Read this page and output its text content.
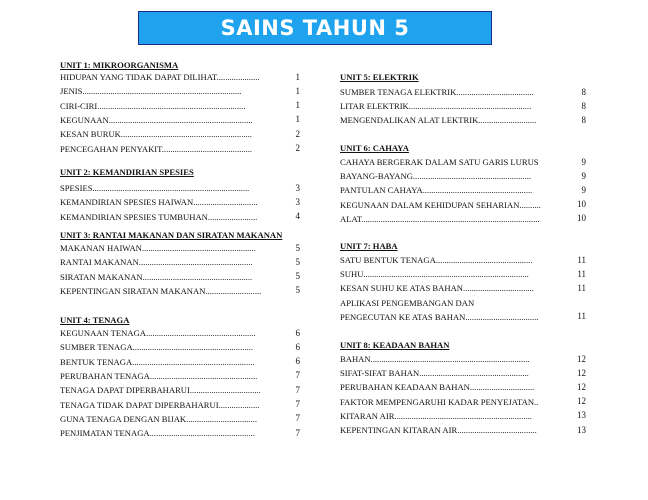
SAINS TAHUN 5
UNIT 1: MIKROORGANISMA
HIDUPAN YANG TIDAK DAPAT DILIHAT....................	1
JENIS..........................................................................	1
CIRI-CIRI.....................................................................	1
KEGUNAAN...................................................................	1
KESAN BURUK.............................................................	2
PENCEGAHAN PENYAKIT..........................................	2
UNIT 2: KEMANDIRIAN SPESIES
SPESIES.........................................................................	3
KEMANDIRIAN SPESIES HAIWAN..............................	3
KEMANDIRIAN SPESIES TUMBUHAN.......................	4
UNIT 3: RANTAI MAKANAN DAN SIRATAN MAKANAN
MAKANAN HAIWAN.....................................................	5
RANTAI MAKANAN.....................................................	5
SIRATAN MAKANAN...................................................	5
KEPENTINGAN SIRATAN MAKANAN..........................	5
UNIT 4: TENAGA
KEGUNAAN TENAGA...................................................	6
SUMBER TENAGA........................................................	6
BENTUK TENAGA.........................................................	6
PERUBAHAN TENAGA..................................................	7
TENAGA DAPAT DIPERBAHARUI.................................	7
TENAGA TIDAK DAPAT DIPERBAHARUI...................	7
GUNA TENAGA DENGAN BIJAK.................................	7
PENJIMATAN TENAGA.................................................	7
UNIT 5: ELEKTRIK
SUMBER TENAGA ELEKTRIK....................................	8
LITAR ELEKTRIK.........................................................	8
MENGENDALIKAN ALAT LEKTRIK...........................	8
UNIT 6: CAHAYA
CAHAYA BERGERAK DALAM SATU GARIS LURUS	9
BAYANG-BAYANG.......................................................	9
PANTULAN CAHAYA...................................................	9
KEGUNAAN DALAM KEHIDUPAN SEHARIAN..........	10
ALAT...................................................................................	10
UNIT 7: HABA
SATU BENTUK TENAGA.............................................	11
SUHU.............................................................................	11
KESAN SUHU KE ATAS BAHAN.................................	11
APLIKASI PENGEMBANGAN DAN
PENGECUTAN KE ATAS BAHAN..................................	11
UNIT 8: KEADAAN BAHAN
BAHAN..........................................................................	12
SIFAT-SIFAT BAHAN...................................................	12
PERUBAHAN KEADAAN BAHAN..............................	12
FAKTOR MEMPENGARUHI KADAR PENYEJATAN..	12
KITARAN AIR................................................................	13
KEPENTINGAN KITARAN AIR.....................................	13
